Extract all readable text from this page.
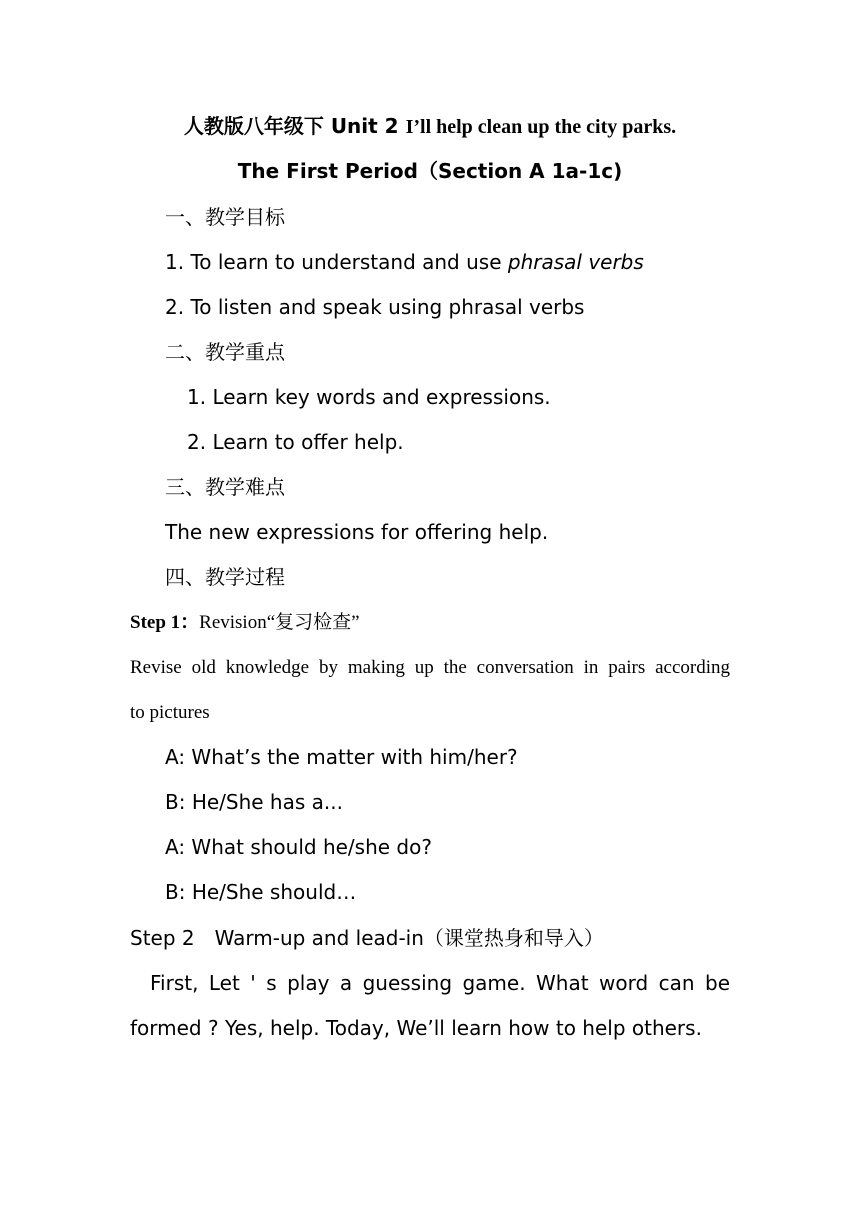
人教版八年级下 Unit 2 I’ll help clean up the city parks.
The First Period（Section A 1a-1c)
一、教学目标
1. To learn to understand and use phrasal verbs
2. To listen and speak using phrasal verbs
二、教学重点
1. Learn key words and expressions.
2. Learn to offer help.
三、教学难点
The new expressions for offering help.
四、教学过程
Step 1：Revision“复习检查”
Revise old knowledge by making up the conversation in pairs according
to pictures
A: What’s the matter with him/her?
B: He/She has a...
A: What should he/she do?
B: He/She should…
Step 2　Warm-up and lead-in（课堂热身和导入）
First, Let ' s play a guessing game. What word can be
formed ? Yes, help. Today, We’ll learn how to help others.
